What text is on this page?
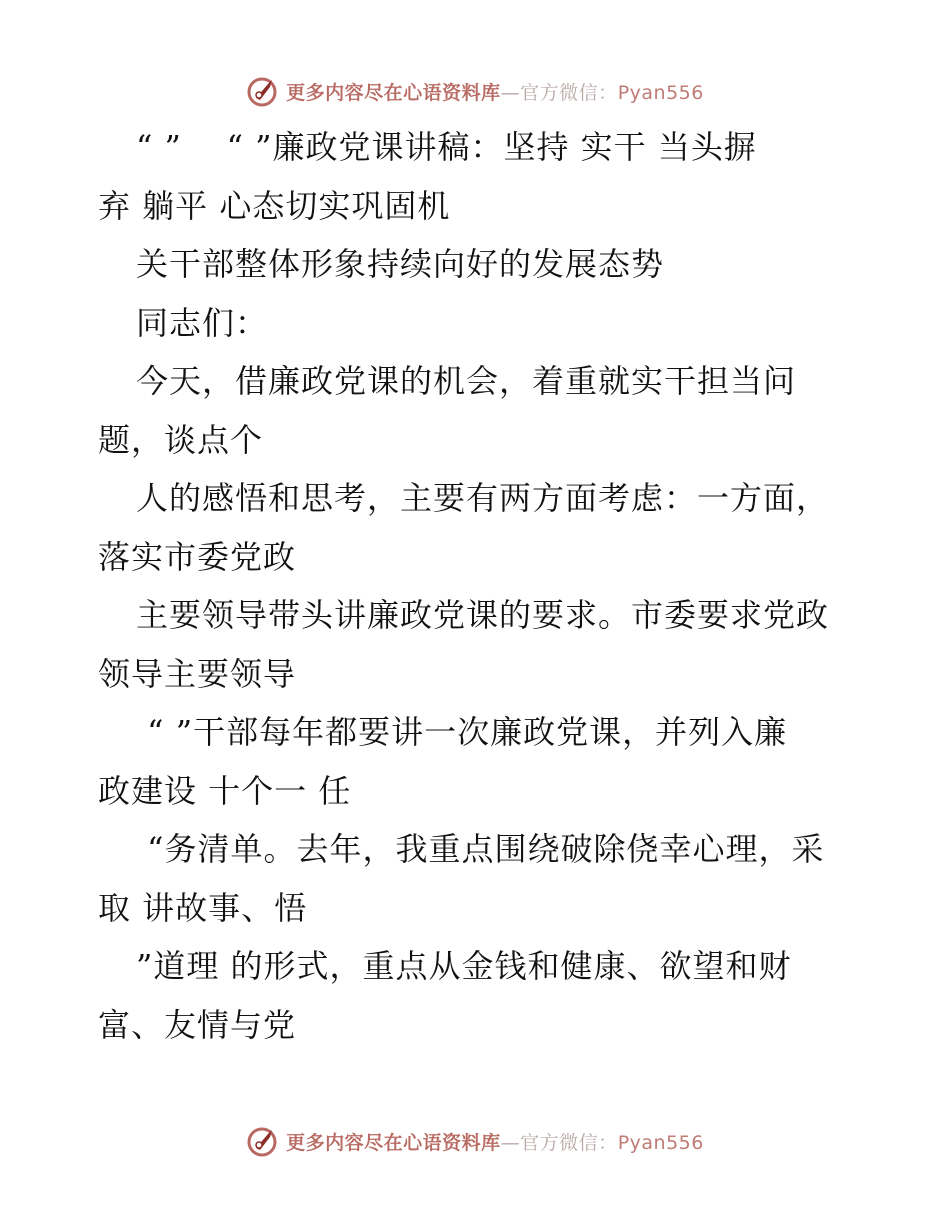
更多内容尽在心语资料库—官方微信：Pyan556
“ ”    “ ”廉政党课讲稿：坚持 实干 当头摒
弃 躺平 心态切实巩固机
关干部整体形象持续向好的发展态势
同志们：
今天，借廉政党课的机会，着重就实干担当问
题，谈点个
人的感悟和思考，主要有两方面考虑：一方面，
落实市委党政
主要领导带头讲廉政党课的要求。市委要求党政
领导主要领导
“ ”干部每年都要讲一次廉政党课，并列入廉
政建设 十个一 任
“务清单。去年，我重点围绕破除侥幸心理，采
取 讲故事、悟
”道理 的形式，重点从金钱和健康、欲望和财
富、友情与党
更多内容尽在心语资料库—官方微信：Pyan556
